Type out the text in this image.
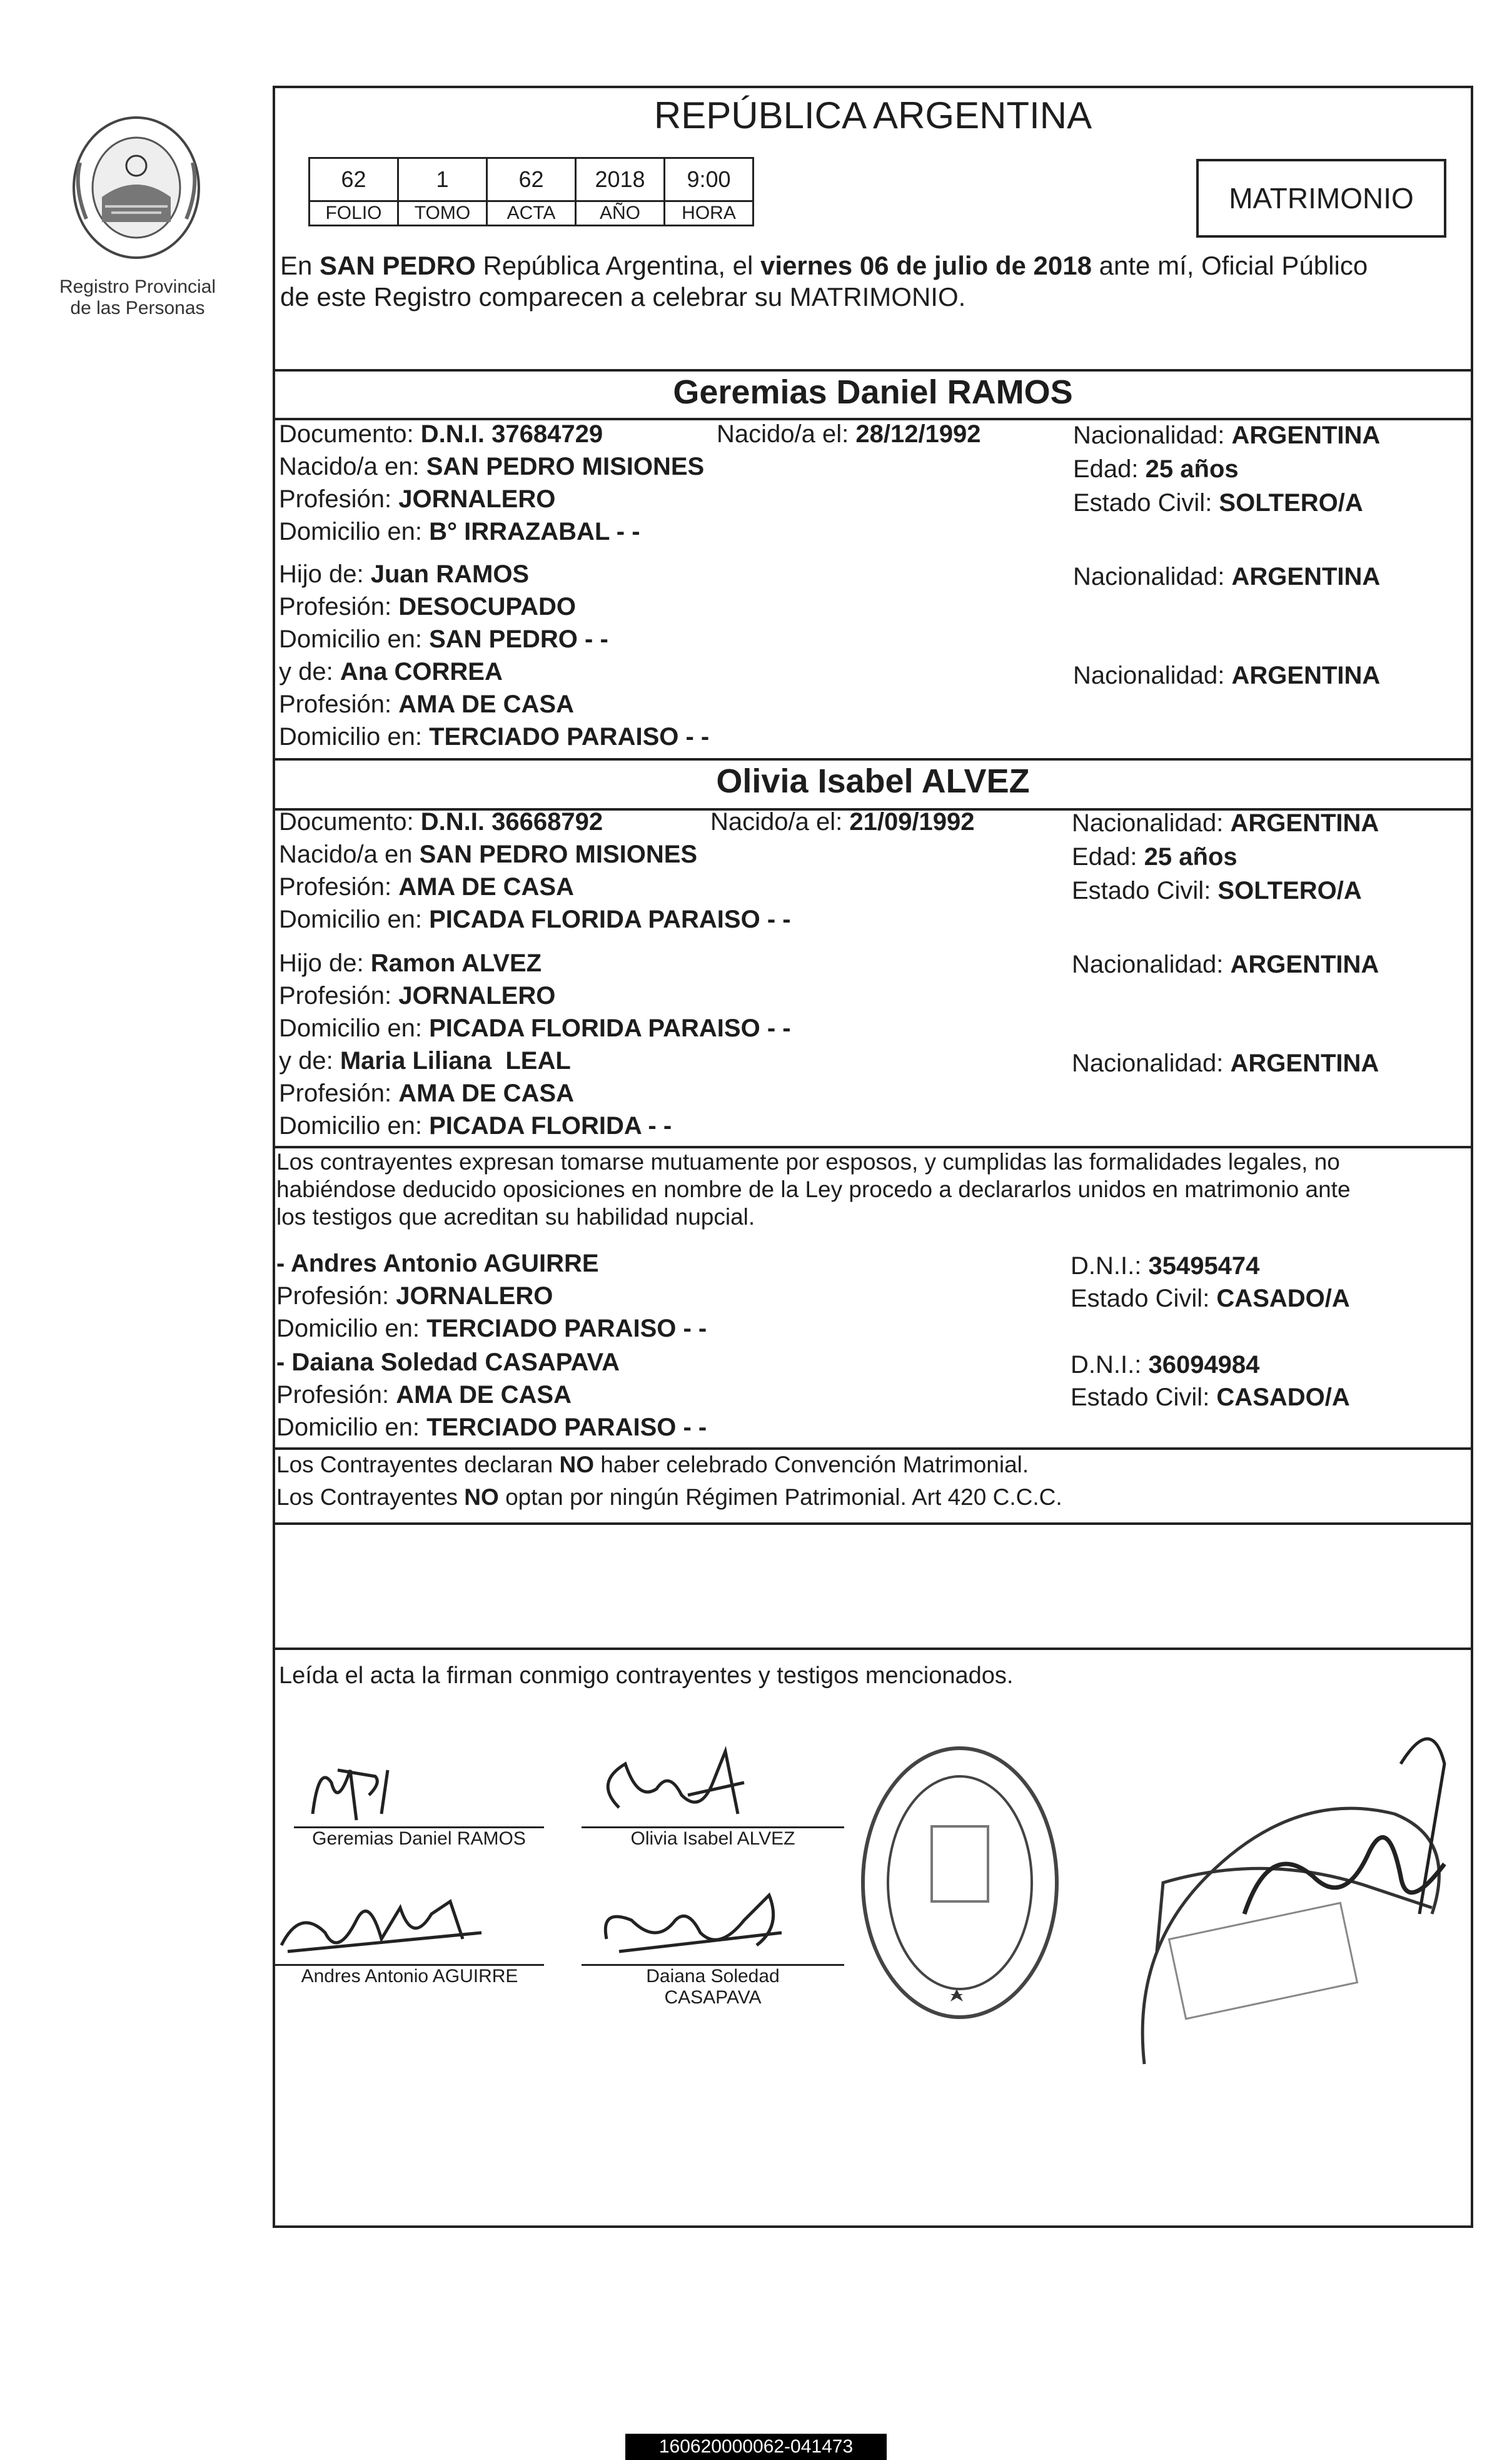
Registro Provincial
de las Personas
REPÚBLICA ARGENTINA
62	1	62	2018	9:00
FOLIO	TOMO	ACTA	AÑO	HORA	MATRIMONIO
En SAN PEDRO República Argentina, el viernes 06 de julio de 2018 ante mí, Oficial Público
de este Registro comparecen a celebrar su MATRIMONIO.
Geremias Daniel RAMOS
Documento: D.N.I. 37684729	Nacido/a el: 28/12/1992	Nacionalidad: ARGENTINA
Nacido/a en: SAN PEDRO MISIONES	Edad: 25 años
Profesión: JORNALERO	Estado Civil: SOLTERO/A
Domicilio en: B° IRRAZABAL - -
Hijo de: Juan RAMOS	Nacionalidad: ARGENTINA
Profesión: DESOCUPADO
Domicilio en: SAN PEDRO - -
y de: Ana CORREA	Nacionalidad: ARGENTINA
Profesión: AMA DE CASA
Domicilio en: TERCIADO PARAISO - -
Olivia Isabel ALVEZ
Documento: D.N.I. 36668792	Nacido/a el: 21/09/1992	Nacionalidad: ARGENTINA
Nacido/a en SAN PEDRO MISIONES	Edad: 25 años
Profesión: AMA DE CASA	Estado Civil: SOLTERO/A
Domicilio en: PICADA FLORIDA PARAISO - -
Hijo de: Ramon ALVEZ	Nacionalidad: ARGENTINA
Profesión: JORNALERO
Domicilio en: PICADA FLORIDA PARAISO - -
y de: Maria Liliana  LEAL	Nacionalidad: ARGENTINA
Profesión: AMA DE CASA
Domicilio en: PICADA FLORIDA - -
Los contrayentes expresan tomarse mutuamente por esposos, y cumplidas las formalidades legales, no
habiéndose deducido oposiciones en nombre de la Ley procedo a declararlos unidos en matrimonio ante
los testigos que acreditan su habilidad nupcial.
- Andres Antonio AGUIRRE	D.N.I.: 35495474
Profesión: JORNALERO	Estado Civil: CASADO/A
Domicilio en: TERCIADO PARAISO - -
- Daiana Soledad CASAPAVA	D.N.I.: 36094984
Profesión: AMA DE CASA	Estado Civil: CASADO/A
Domicilio en: TERCIADO PARAISO - -
Los Contrayentes declaran NO haber celebrado Convención Matrimonial.
Los Contrayentes NO optan por ningún Régimen Patrimonial. Art 420 C.C.C.
Leída el acta la firman conmigo contrayentes y testigos mencionados.
Geremias Daniel RAMOS	Olivia Isabel ALVEZ
Andres Antonio AGUIRRE	Daiana Soledad
CASAPAVA
160620000062-041473
